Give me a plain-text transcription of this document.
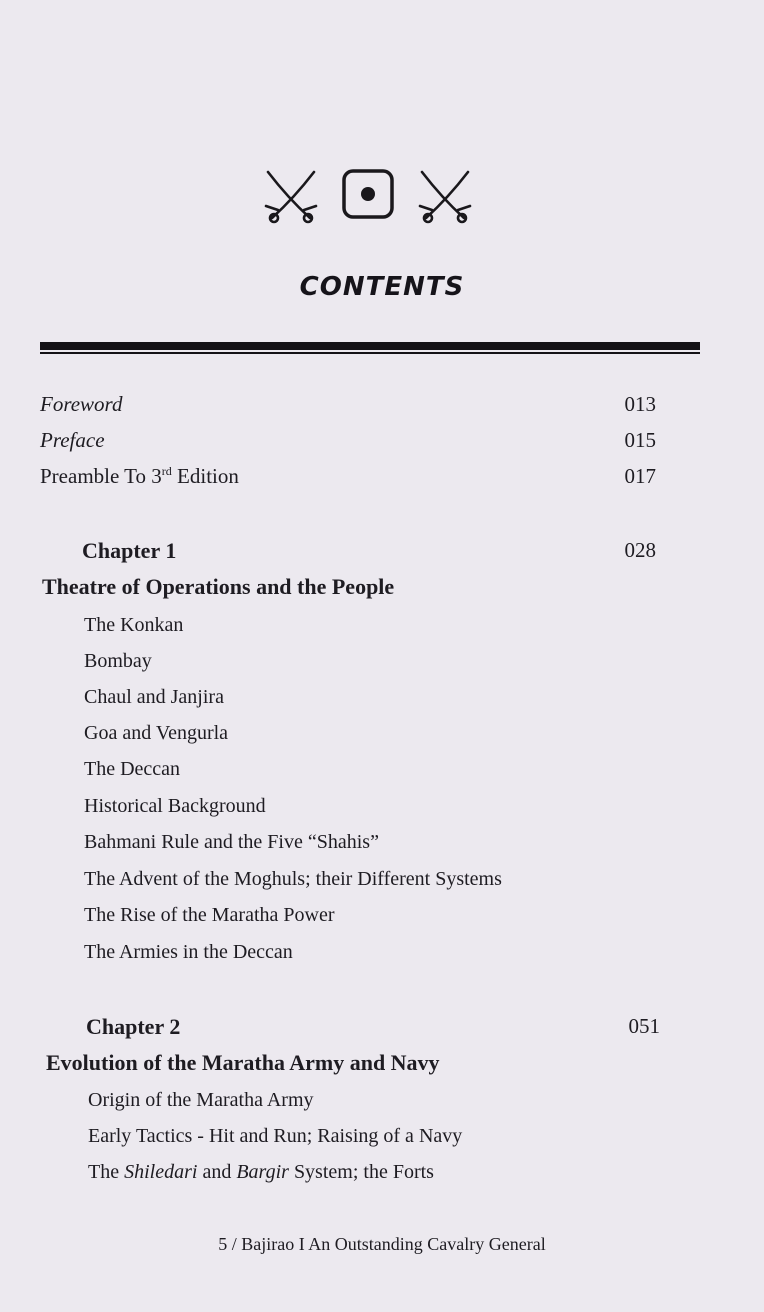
CONTENTS
Foreword	013
Preface	015
Preamble To 3rd Edition	017
Chapter 1	028
Theatre of Operations and the People
The Konkan
Bombay
Chaul and Janjira
Goa and Vengurla
The Deccan
Historical Background
Bahmani Rule and the Five “Shahis”
The Advent of the Moghuls; their Different Systems
The Rise of the Maratha Power
The Armies in the Deccan
Chapter 2	051
Evolution of the Maratha Army and Navy
Origin of the Maratha Army
Early Tactics - Hit and Run; Raising of a Navy
The Shiledari and Bargir System; the Forts
5 / Bajirao I An Outstanding Cavalry General
